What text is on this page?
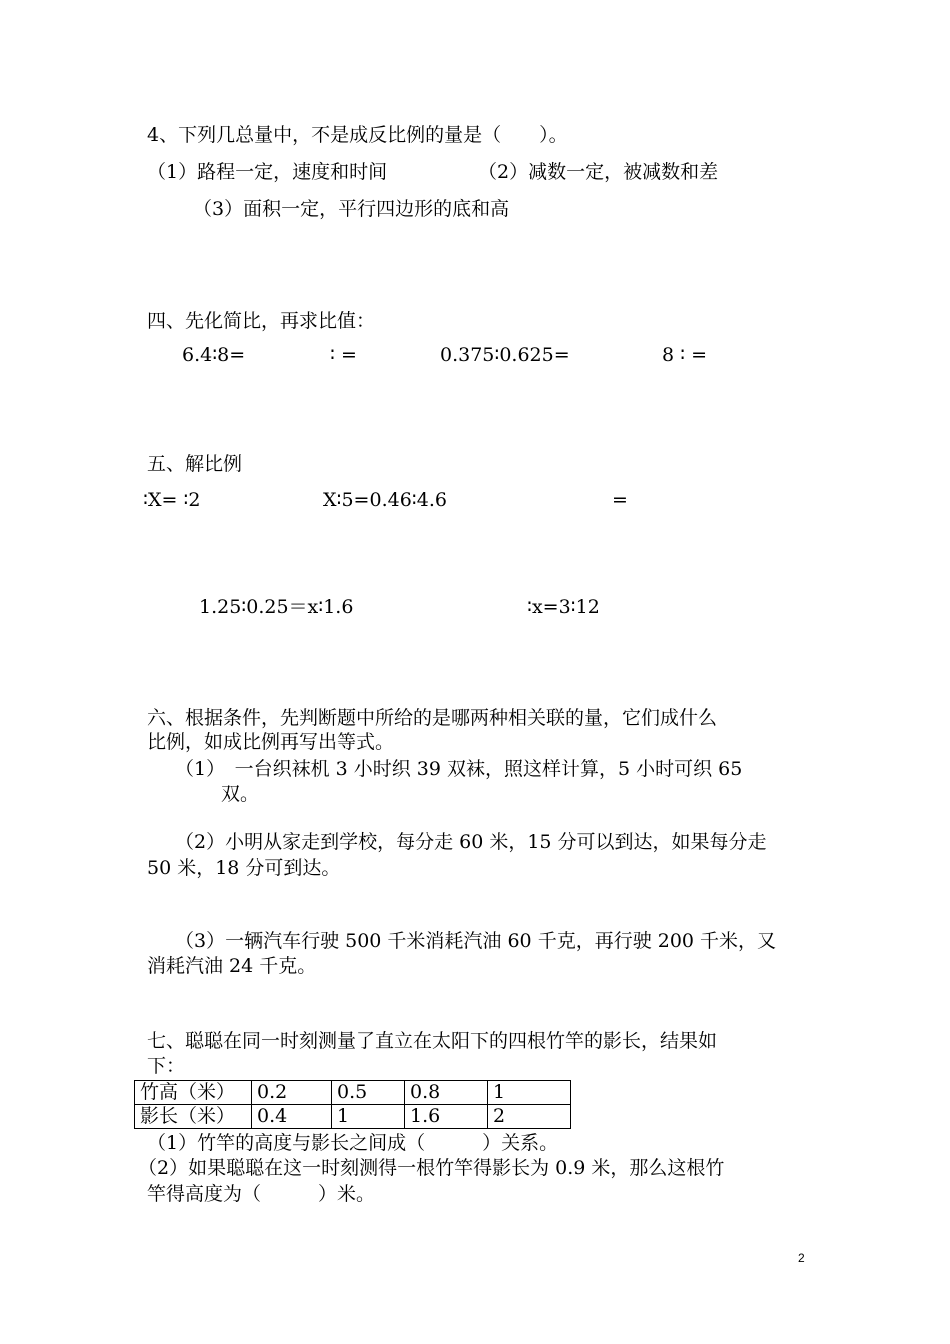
4、下列几总量中，不是成反比例的量是（　　）。
（1）路程一定，速度和时间	（2）减数一定，被减数和差
（3）面积一定，平行四边形的底和高
四、先化简比，再求比值：
6.4∶8=	∶ =	0.375∶0.625=	8 ∶ =
五、解比例
∶X= ∶2	X∶5=0.46∶4.6	=
1.25∶0.25＝x∶1.6	∶x=3∶12
六、根据条件，先判断题中所给的是哪两种相关联的量，它们成什么
比例，如成比例再写出等式。
（1）　一台织袜机 3 小时织 39 双袜，照这样计算，5 小时可织 65
双。
（2）小明从家走到学校，每分走 60 米，15 分可以到达，如果每分走
50 米，18 分可到达。
（3）一辆汽车行驶 500 千米消耗汽油 60 千克，再行驶 200 千米，又
消耗汽油 24 千克。
七、聪聪在同一时刻测量了直立在太阳下的四根竹竿的影长，结果如
下：
竹高（米）	0.2	0.5	0.8	1
影长（米）	0.4	1	1.6	2
（1）竹竿的高度与影长之间成（　　　）关系。
（2）如果聪聪在这一时刻测得一根竹竿得影长为 0.9 米，那么这根竹
竿得高度为（　　　）米。
2
